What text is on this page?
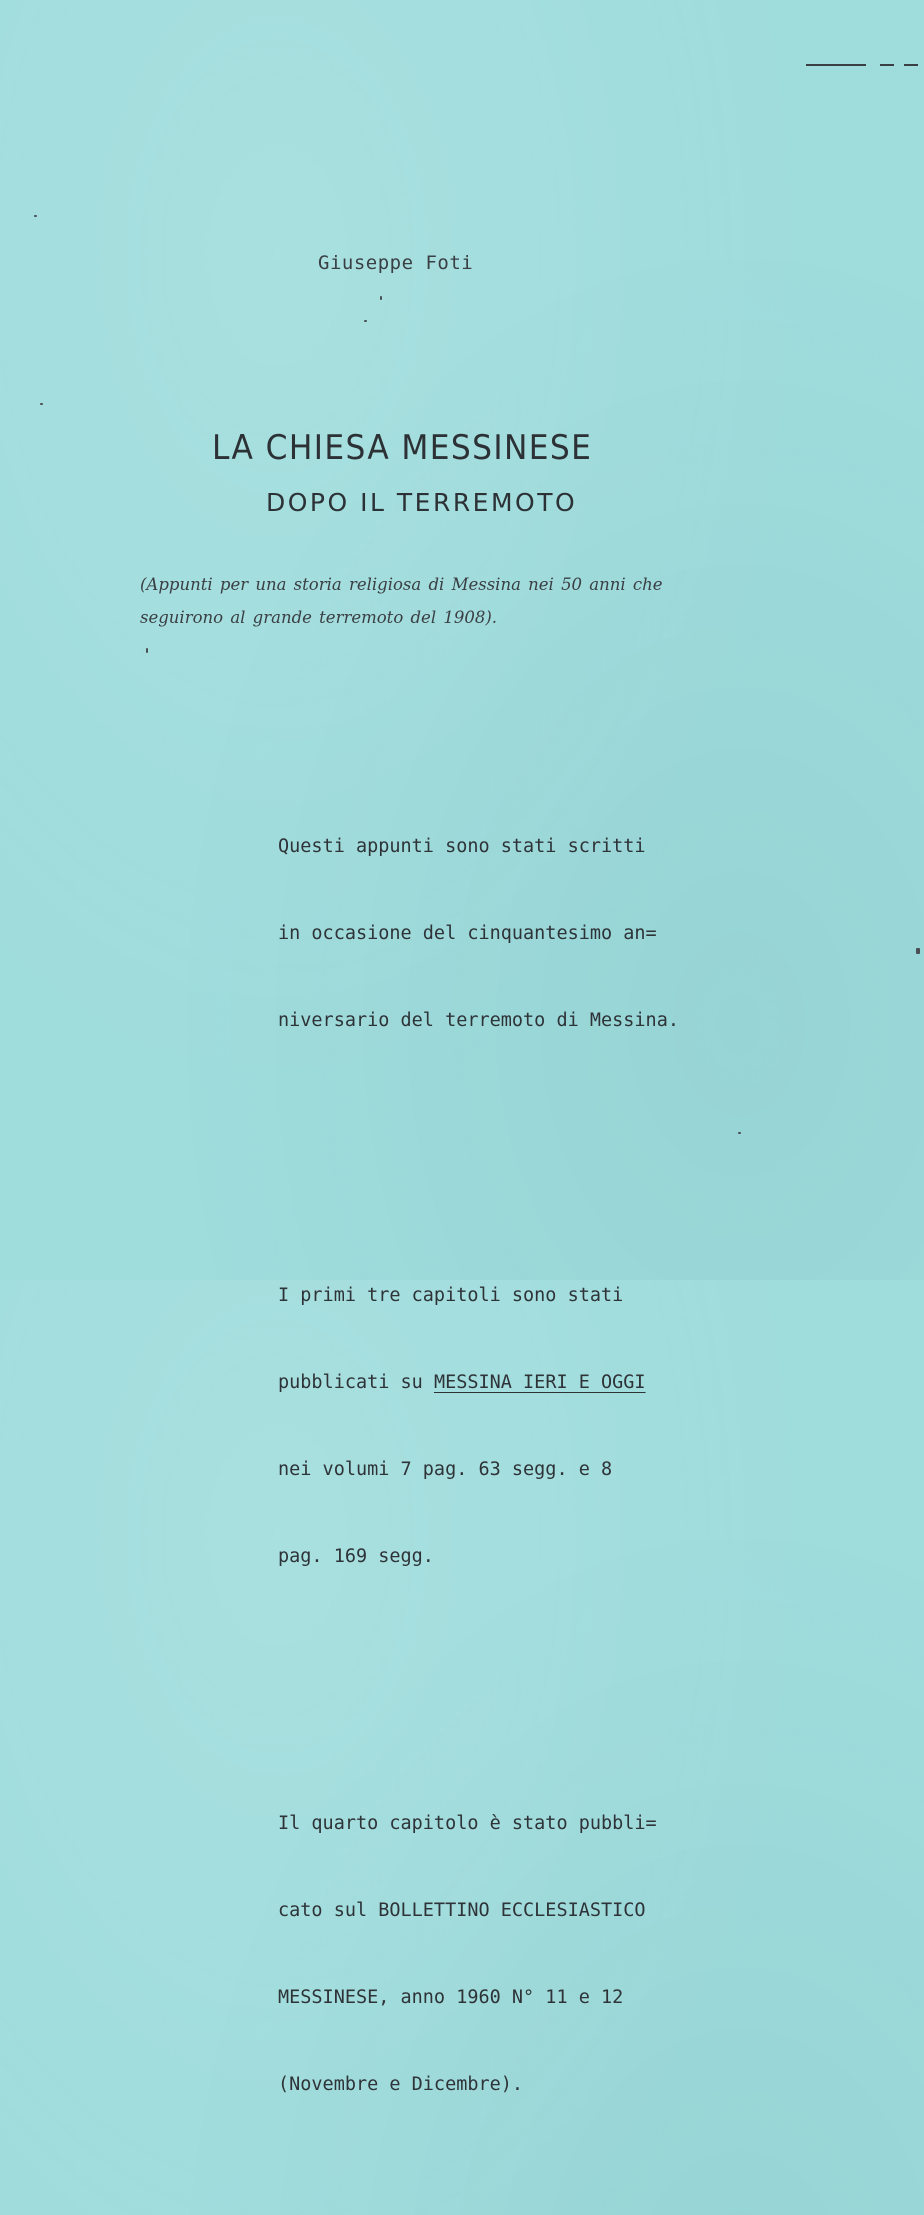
Giuseppe Foti
LA CHIESA MESSINESE
DOPO IL TERREMOTO
(Appunti per una storia religiosa di Messina nei 50 anni che
seguirono al grande terremoto del 1908).

Questi appunti sono stati scritti

in occasione del cinquantesimo an=

niversario del terremoto di Messina.

I primi tre capitoli sono stati

pubblicati su MESSINA IERI E OGGI

nei volumi 7 pag. 63 segg. e 8

pag. 169 segg.

Il quarto capitolo è stato pubbli=

cato sul BOLLETTINO ECCLESIASTICO

MESSINESE, anno 1960 N° 11 e 12

(Novembre e Dicembre).
